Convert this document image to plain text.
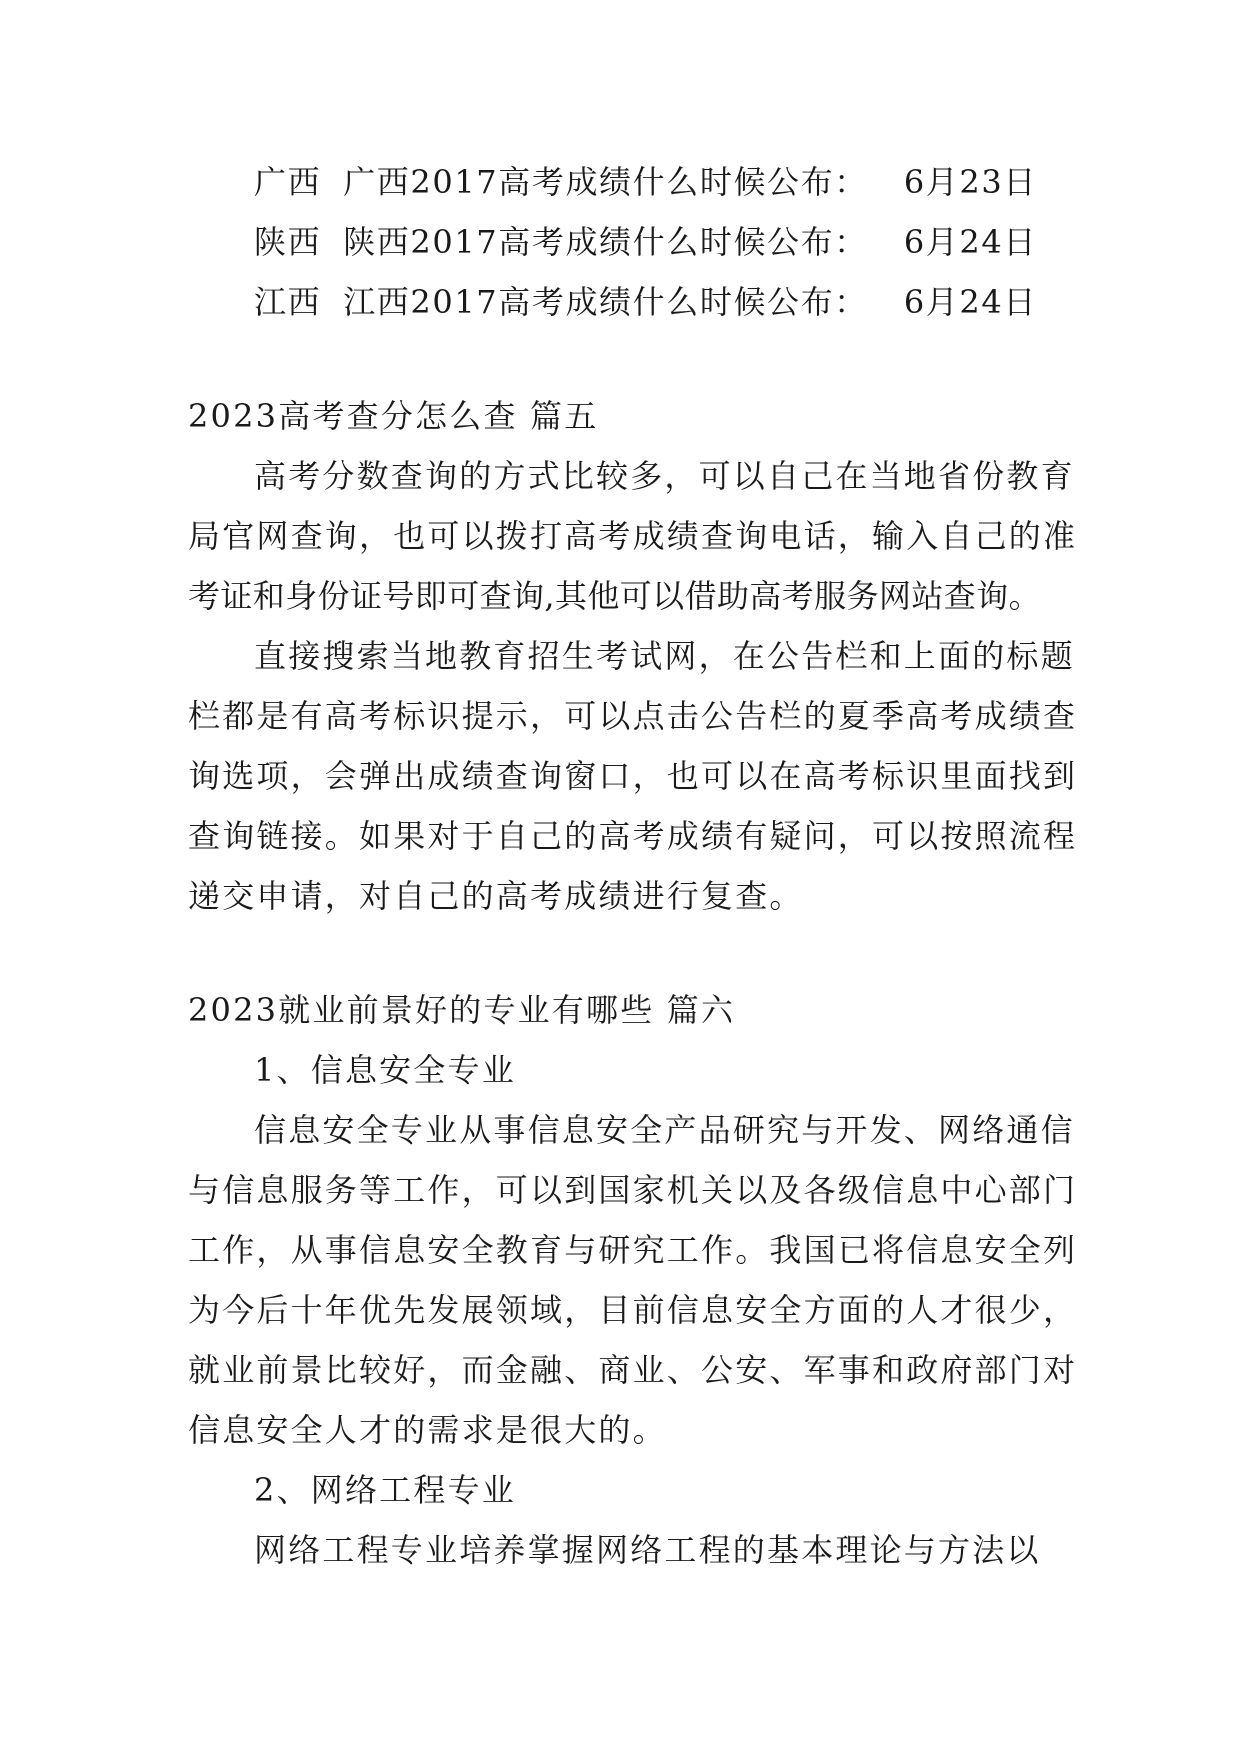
广西 广西2017高考成绩什么时候公布： 6月23日
陕西 陕西2017高考成绩什么时候公布： 6月24日
江西 江西2017高考成绩什么时候公布： 6月24日
2023高考查分怎么查 篇五
高考分数查询的方式比较多，可以自己在当地省份教育
局官网查询，也可以拨打高考成绩查询电话，输入自己的准
考证和身份证号即可查询,其他可以借助高考服务网站查询。
直接搜索当地教育招生考试网，在公告栏和上面的标题
栏都是有高考标识提示，可以点击公告栏的夏季高考成绩查
询选项，会弹出成绩查询窗口，也可以在高考标识里面找到
查询链接。如果对于自己的高考成绩有疑问，可以按照流程
递交申请，对自己的高考成绩进行复查。
2023就业前景好的专业有哪些 篇六
1、信息安全专业
信息安全专业从事信息安全产品研究与开发、网络通信
与信息服务等工作，可以到国家机关以及各级信息中心部门
工作，从事信息安全教育与研究工作。我国已将信息安全列
为今后十年优先发展领域，目前信息安全方面的人才很少，
就业前景比较好，而金融、商业、公安、军事和政府部门对
信息安全人才的需求是很大的。
2、网络工程专业
网络工程专业培养掌握网络工程的基本理论与方法以
